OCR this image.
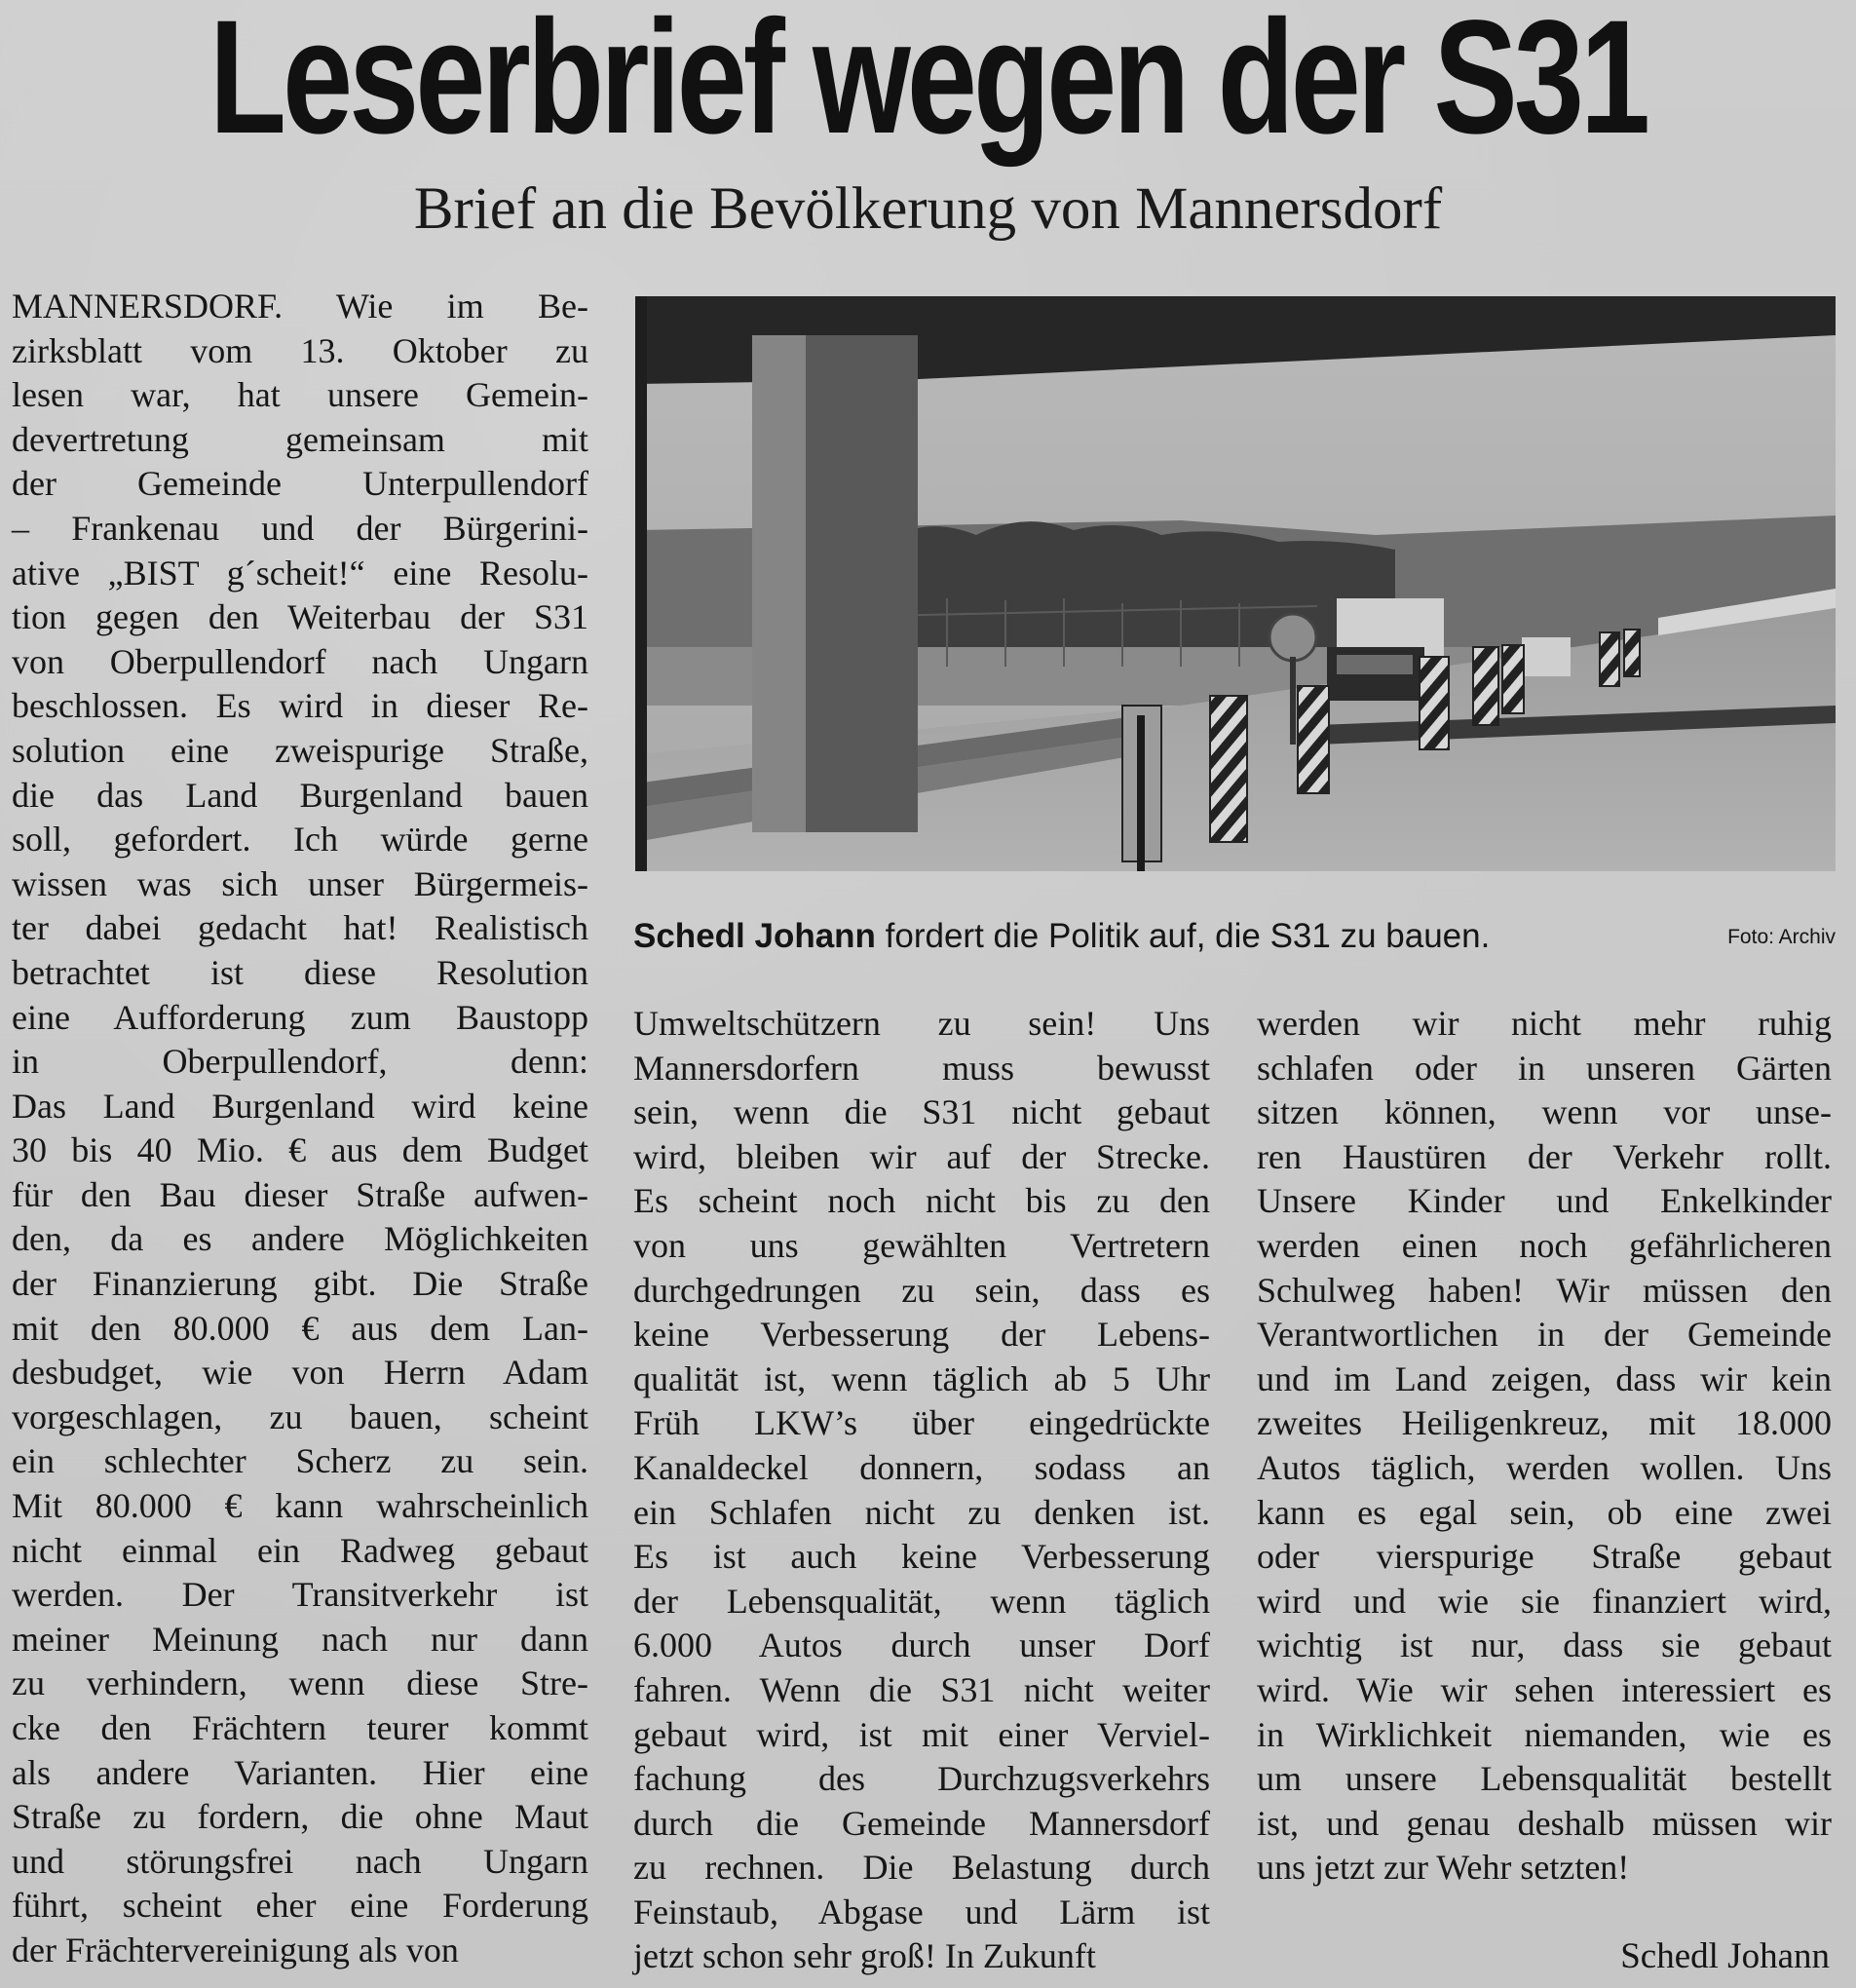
Leserbrief wegen der S31
Brief an die Bevölkerung von Mannersdorf
MANNERSDORF. Wie im Be-
zirksblatt vom 13. Oktober zu
lesen war, hat unsere Gemein-
devertretung gemeinsam mit
der Gemeinde Unterpullendorf
– Frankenau und der Bürgerini-
ative „BIST g´scheit!“ eine Resolu-
tion gegen den Weiterbau der S31
von Oberpullendorf nach Ungarn
beschlossen. Es wird in dieser Re-
solution eine zweispurige Straße,
die das Land Burgenland bauen
soll, gefordert. Ich würde gerne
wissen was sich unser Bürgermeis-
ter dabei gedacht hat! Realistisch
betrachtet ist diese Resolution
eine Aufforderung zum Baustopp
in Oberpullendorf, denn:
Das Land Burgenland wird keine
30 bis 40 Mio. € aus dem Budget
für den Bau dieser Straße aufwen-
den, da es andere Möglichkeiten
der Finanzierung gibt. Die Straße
mit den 80.000 € aus dem Lan-
desbudget, wie von Herrn Adam
vorgeschlagen, zu bauen, scheint
ein schlechter Scherz zu sein.
Mit 80.000 € kann wahrscheinlich
nicht einmal ein Radweg gebaut
werden. Der Transitverkehr ist
meiner Meinung nach nur dann
zu verhindern, wenn diese Stre-
cke den Frächtern teurer kommt
als andere Varianten. Hier eine
Straße zu fordern, die ohne Maut
und störungsfrei nach Ungarn
führt, scheint eher eine Forderung
der Frächtervereinigung als von
Schedl Johann fordert die Politik auf, die S31 zu bauen.	Foto: Archiv
Umweltschützern zu sein! Uns
Mannersdorfern muss bewusst
sein, wenn die S31 nicht gebaut
wird, bleiben wir auf der Strecke.
Es scheint noch nicht bis zu den
von uns gewählten Vertretern
durchgedrungen zu sein, dass es
keine Verbesserung der Lebens-
qualität ist, wenn täglich ab 5 Uhr
Früh LKW’s über eingedrückte
Kanaldeckel donnern, sodass an
ein Schlafen nicht zu denken ist.
Es ist auch keine Verbesserung
der Lebensqualität, wenn täglich
6.000 Autos durch unser Dorf
fahren. Wenn die S31 nicht weiter
gebaut wird, ist mit einer Verviel-
fachung des Durchzugsverkehrs
durch die Gemeinde Mannersdorf
zu rechnen. Die Belastung durch
Feinstaub, Abgase und Lärm ist
jetzt schon sehr groß! In Zukunft
werden wir nicht mehr ruhig
schlafen oder in unseren Gärten
sitzen können, wenn vor unse-
ren Haustüren der Verkehr rollt.
Unsere Kinder und Enkelkinder
werden einen noch gefährlicheren
Schulweg haben! Wir müssen den
Verantwortlichen in der Gemeinde
und im Land zeigen, dass wir kein
zweites Heiligenkreuz, mit 18.000
Autos täglich, werden wollen. Uns
kann es egal sein, ob eine zwei
oder vierspurige Straße gebaut
wird und wie sie finanziert wird,
wichtig ist nur, dass sie gebaut
wird. Wie wir sehen interessiert es
in Wirklichkeit niemanden, wie es
um unsere Lebensqualität bestellt
ist, und genau deshalb müssen wir
uns jetzt zur Wehr setzten!
Schedl Johann
